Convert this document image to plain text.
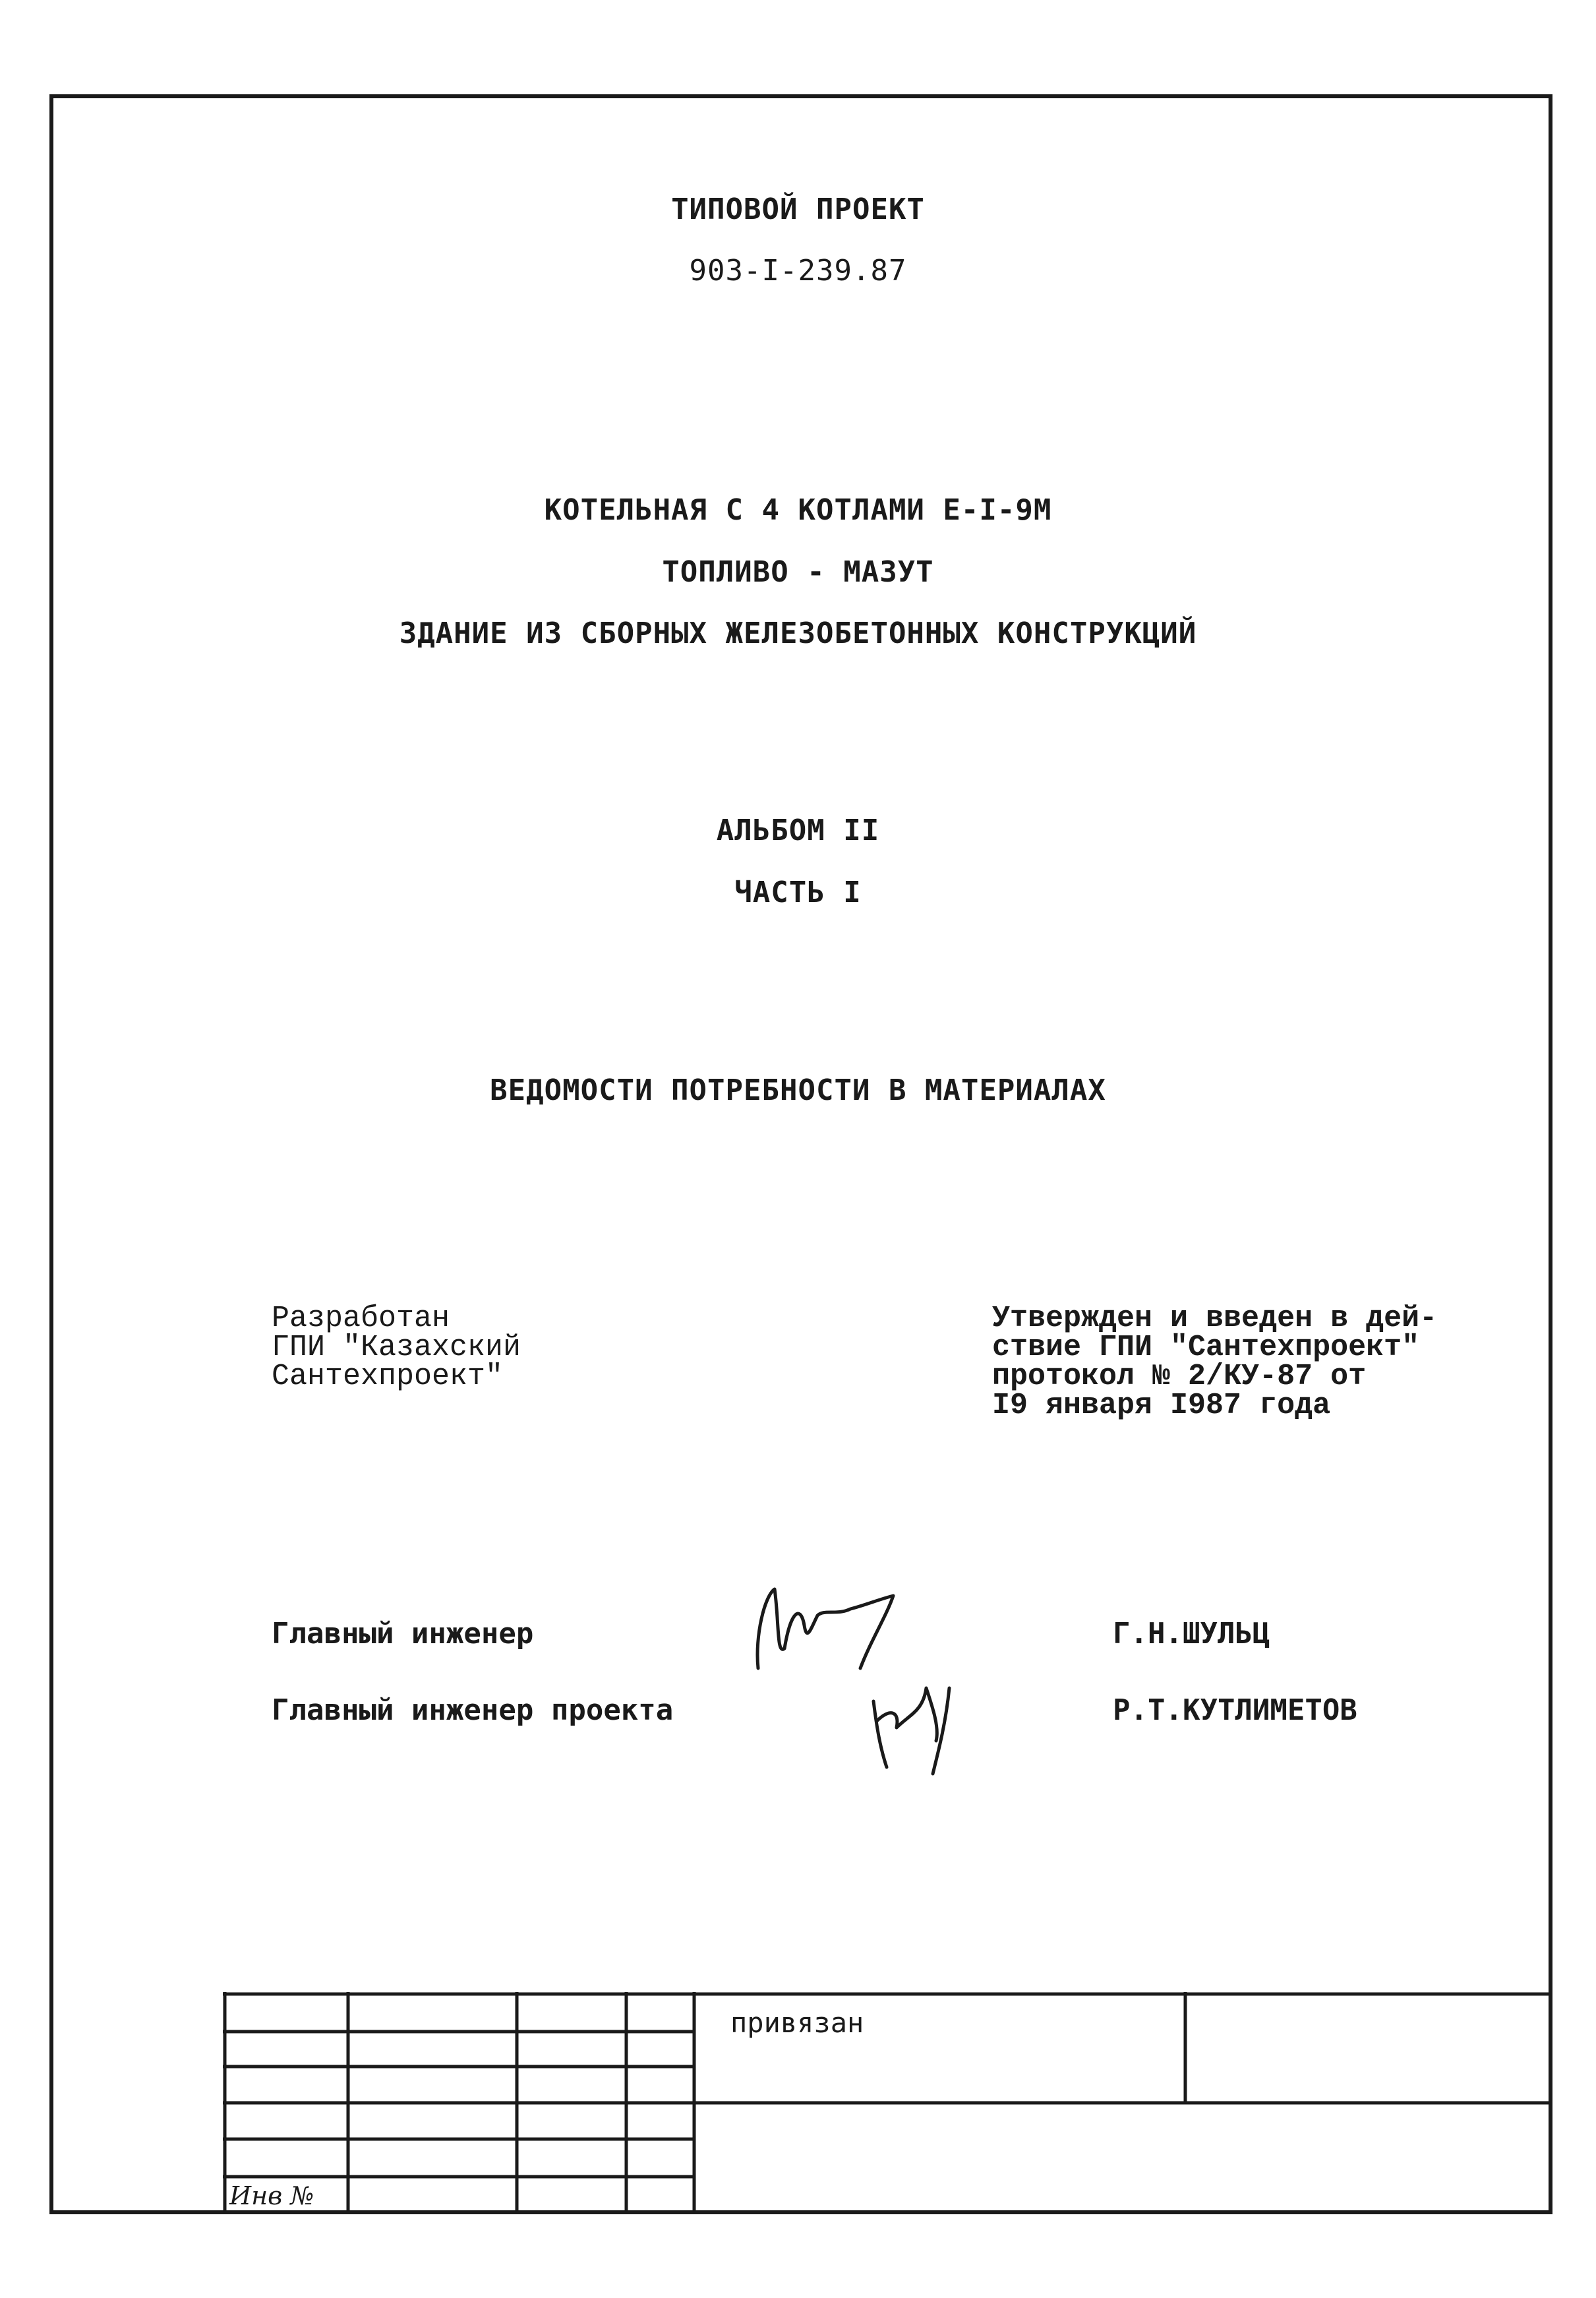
ТИПОВОЙ ПРОЕКТ
903-I-239.87
КОТЕЛЬНАЯ С 4 КОТЛАМИ Е-I-9М
ТОПЛИВО - МАЗУТ
ЗДАНИЕ ИЗ СБОРНЫХ ЖЕЛЕЗОБЕТОННЫХ КОНСТРУКЦИЙ
АЛЬБОМ II
ЧАСТЬ I
ВЕДОМОСТИ ПОТРЕБНОСТИ В МАТЕРИАЛАХ
Разработан
ГПИ "Казахский
Сантехпроект"
Утвержден и введен в дей-
ствие ГПИ "Сантехпроект"
протокол № 2/КУ-87 от
I9 января I987 года
Главный инженер	Г.Н.ШУЛЬЦ
Главный инженер проекта	Р.Т.КУТЛИМЕТОВ
привязан
Инв №
